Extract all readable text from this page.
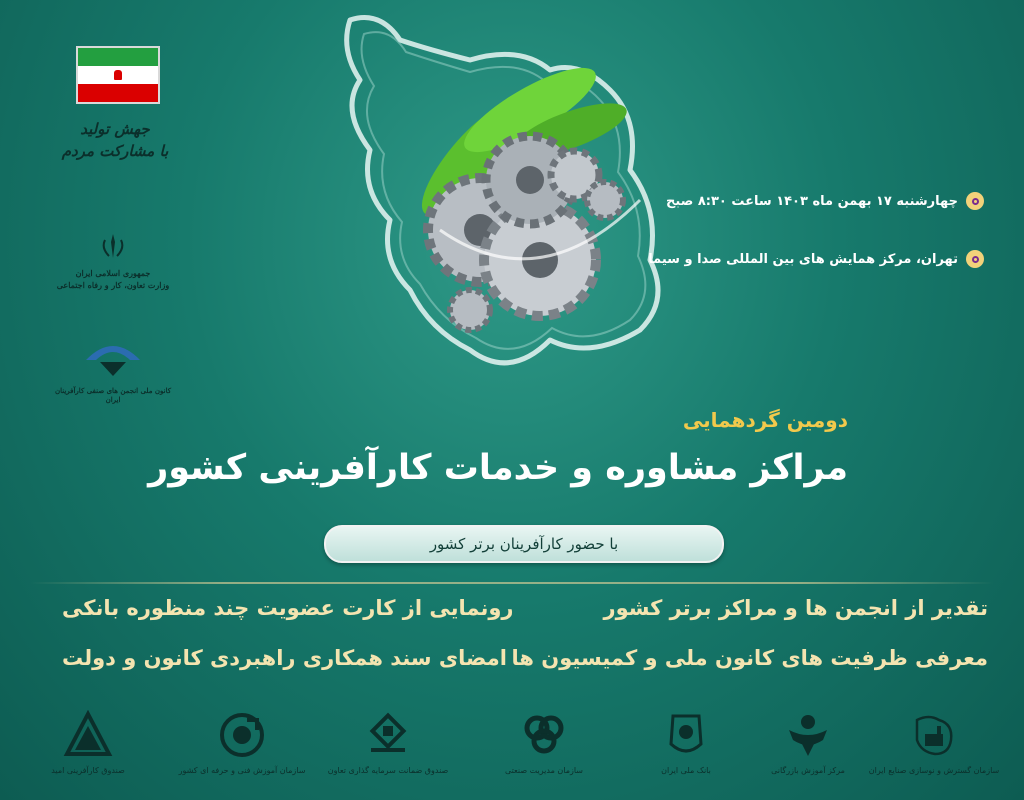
جهش تولید
با مشارکت مردم
جمهوری اسلامی ایران
وزارت تعاون، کار و رفاه اجتماعی
کانون ملی انجمن های صنفی کارآفرینان ایران
چهارشنبه ۱۷ بهمن ماه ۱۴۰۳ ساعت ۸:۳۰ صبح
تهران، مرکز همایش های بین المللی صدا و سیما
دومین گردهمایی
مراکز مشاوره و خدمات کارآفرینی کشور
با حضور کارآفرینان برتر کشور
تقدیر از انجمن ها و مراکز برتر کشور
رونمایی از کارت عضویت چند منظوره بانکی
معرفی ظرفیت های کانون ملی و کمیسیون ها
امضای سند همکاری راهبردی کانون و دولت
سازمان گسترش و نوسازی صنایع ایران
مرکز آموزش بازرگانی
بانک ملی ایران
سازمان مدیریت صنعتی
صندوق ضمانت سرمایه گذاری تعاون
سازمان آموزش فنی و حرفه ای کشور
صندوق کارآفرینی امید
